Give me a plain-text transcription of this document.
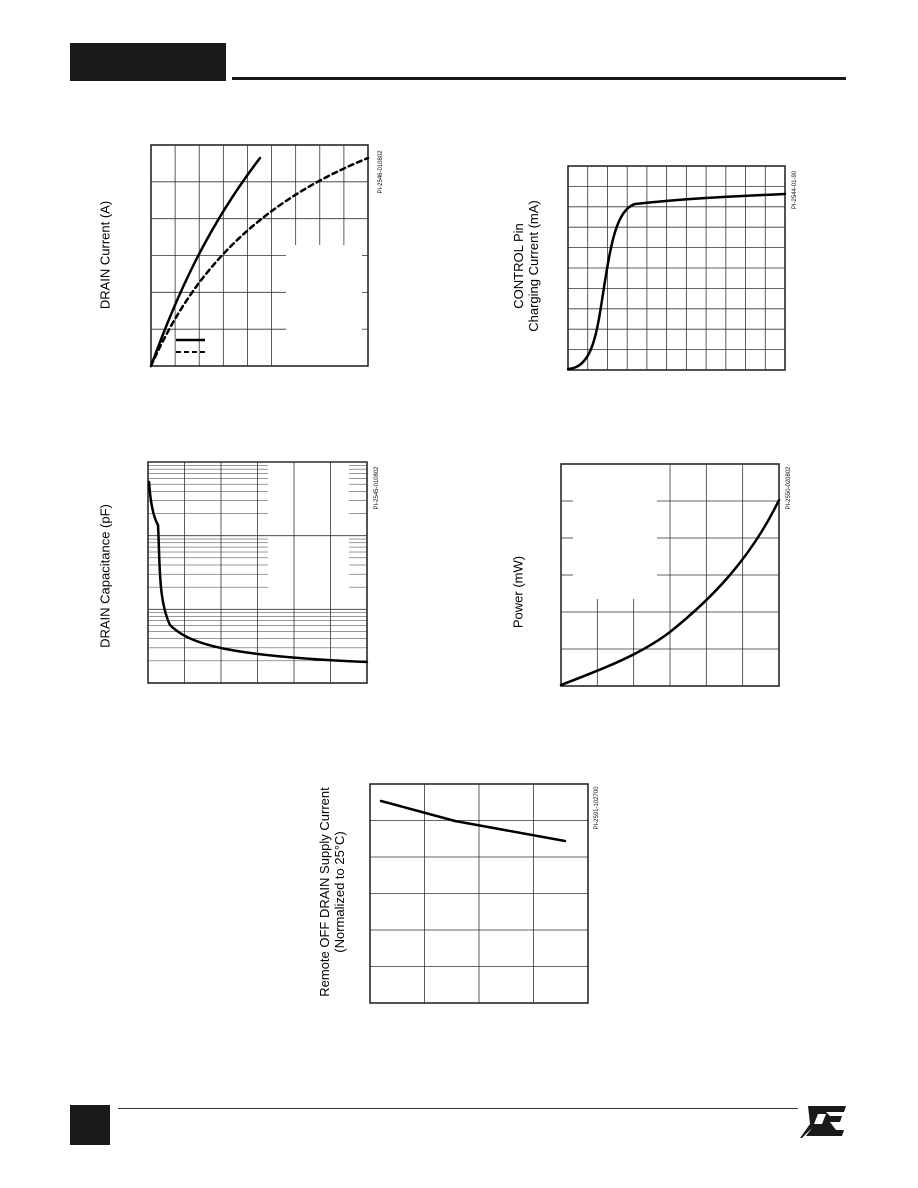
DRAIN Current (A)
PI-2546-010802
CONTROL Pin Charging Current (mA)
PI-2544-01-90
DRAIN Capacitance (pF)
PI-2545-010802
Power (mW)
PI-2550-020802
Remote OFF DRAIN Supply Current (Normalized to 25°C)
PI-2591-102700
